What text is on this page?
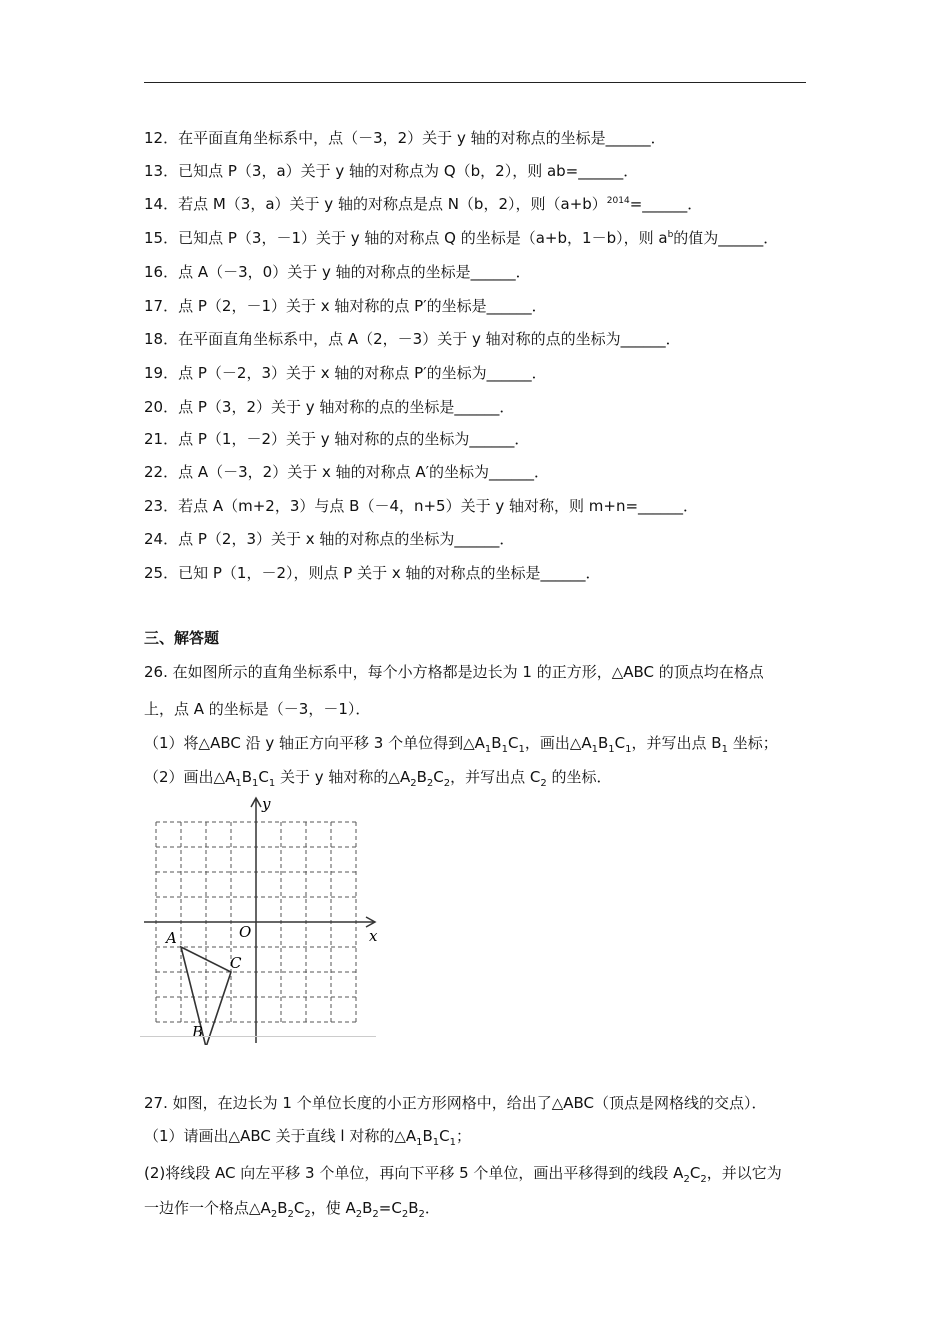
12．在平面直角坐标系中，点（－3，2）关于 y 轴的对称点的坐标是______．
13．已知点 P（3，a）关于 y 轴的对称点为 Q（b，2），则 ab=______．
14．若点 M（3，a）关于 y 轴的对称点是点 N（b，2），则$(a+b)^{2014}=\_\_\_\_\_\_$．
15．已知点 P（3，－1）关于 y 轴的对称点 Q 的坐标是（a+b，1－b），则 $a^b$的值为______．
16．点 A（－3，0）关于 y 轴的对称点的坐标是______．
17．点 P（2，－1）关于 x 轴对称的点 P′的坐标是______．
18．在平面直角坐标系中，点 A（2，－3）关于 y 轴对称的点的坐标为______．
19．点 P（－2，3）关于 x 轴的对称点 P′的坐标为______．
20．点 P（3，2）关于 y 轴对称的点的坐标是______．
21．点 P（1，－2）关于 y 轴对称的点的坐标为______．
22．点 A（－3，2）关于 x 轴的对称点 A′的坐标为______．
23．若点 A（m+2，3）与点 B（－4，n+5）关于 y 轴对称，则 m+n=______．
24．点 P（2，3）关于 x 轴的对称点的坐标为______．
25．已知 P（1，－2），则点 P 关于 x 轴的对称点的坐标是______．
三、解答题
26. 在如图所示的直角坐标系中，每个小方格都是边长为 1 的正方形，△ABC 的顶点均在格点
上，点 A 的坐标是（－3，－1）．
（1）将△ABC 沿 y 轴正方向平移 3 个单位得到$\triangle A_1B_1C_1$，画出$\triangle A_1B_1C_1$，并写出点 $B_1$ 坐标；
（2）画出$\triangle A_1B_1C_1$ 关于 y 轴对称的$\triangle A_2B_2C_2$，并写出点 $C_2$ 的坐标．
x
y
O
A
B
C
27. 如图，在边长为 1 个单位长度的小正方形网格中，给出了△ABC（顶点是网格线的交点）．
（1）请画出△ABC 关于直线 l 对称的$\triangle A_1B_1C_1$；
(2)将线段 AC 向左平移 3 个单位，再向下平移 5 个单位，画出平移得到的线段 $A_2C_2$，并以它为
一边作一个格点$\triangle A_2B_2C_2$，使 $A_2B_2=C_2B_2$．
